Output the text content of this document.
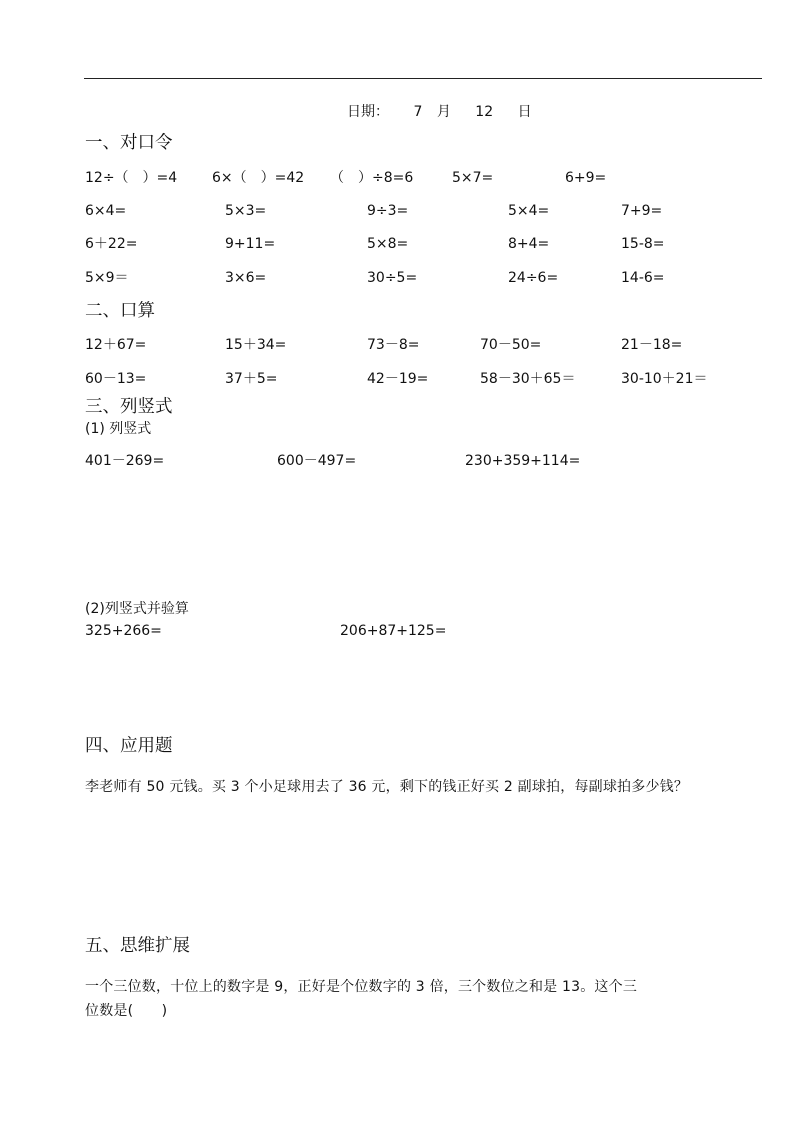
日期： 7 月 12 日
一、对口令
12÷（　）=4 6×（　）=42 （　）÷8=6	5×7=	6+9=
6×4=	5×3=	9÷3=	5×4=	7+9=
6＋22=	9+11=	5×8=	8+4=	15-8=
5×9＝	3×6=	30÷5=	24÷6=	14-6=
二、口算
12＋67=	15＋34=	73－8=	70－50=	21－18=
60－13=	37＋5=	42－19=	58－30＋65＝	30-10＋21＝
三、列竖式
(1) 列竖式
401－269=	600－497=	230+359+114=
(2)列竖式并验算
325+266=	206+87+125=
四、应用题
李老师有 50 元钱。买 3 个小足球用去了 36 元，剩下的钱正好买 2 副球拍，每副球拍多少钱？
五、思维扩展
一个三位数，十位上的数字是 9，正好是个位数字的 3 倍，三个数位之和是 13。这个三
位数是(　　)
